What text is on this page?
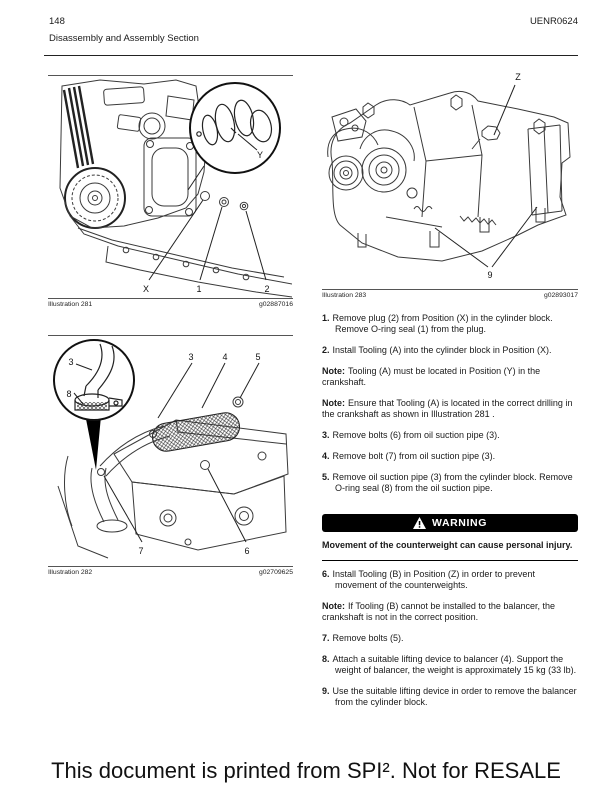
148	UENR0624
Disassembly and Assembly Section
Y
X	1	2
Illustration 281	g02887016
3
8
3	4	5
7	6
Illustration 282	g02709625
Z
9
Illustration 283	g02893017

1. Remove plug (2) from Position (X) in the cylinder block. Remove O-ring seal (1) from the plug.

2. Install Tooling (A) into the cylinder block in Position (X).

Note: Tooling (A) must be located in Position (Y) in the crankshaft.

Note: Ensure that Tooling (A) is located in the correct drilling in the crankshaft as shown in Illustration 281 .

3. Remove bolts (6) from oil suction pipe (3).

4. Remove bolt (7) from oil suction pipe (3).

5. Remove oil suction pipe (3) from the cylinder block. Remove O-ring seal (8) from the oil suction pipe.

WARNING

Movement of the counterweight can cause personal injury.

6. Install Tooling (B) in Position (Z) in order to prevent movement of the counterweights.

Note: If Tooling (B) cannot be installed to the balancer, the crankshaft is not in the correct position.

7. Remove bolts (5).

8. Attach a suitable lifting device to balancer (4). Support the weight of balancer, the weight is approximately 15 kg (33 lb).

9. Use the suitable lifting device in order to remove the balancer from the cylinder block.

This document is printed from SPI². Not for RESALE
